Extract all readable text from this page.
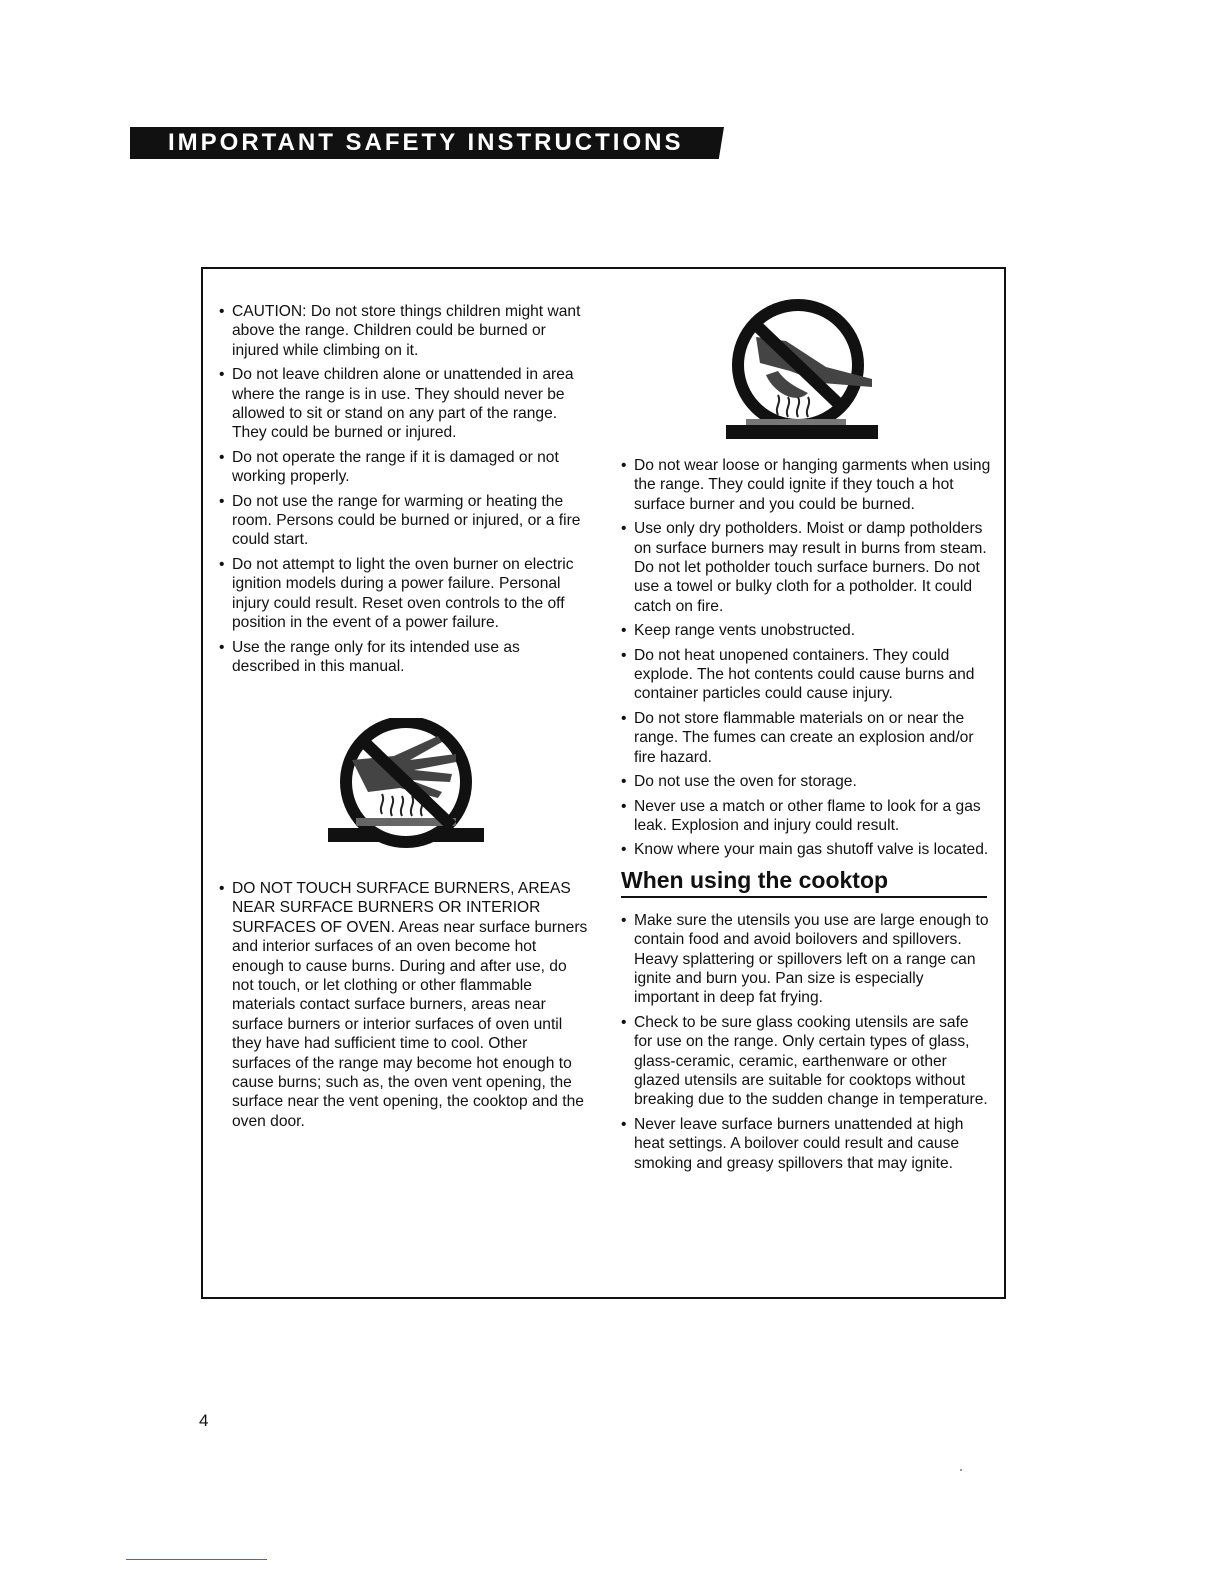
IMPORTANT SAFETY INSTRUCTIONS
• CAUTION: Do not store things children might want above the range. Children could be burned or injured while climbing on it.
• Do not leave children alone or unattended in area where the range is in use. They should never be allowed to sit or stand on any part of the range. They could be burned or injured.
• Do not operate the range if it is damaged or not working properly.
• Do not use the range for warming or heating the room. Persons could be burned or injured, or a fire could start.
• Do not attempt to light the oven burner on electric ignition models during a power failure. Personal injury could result. Reset oven controls to the off position in the event of a power failure.
• Use the range only for its intended use as described in this manual.
• DO NOT TOUCH SURFACE BURNERS, AREAS NEAR SURFACE BURNERS OR INTERIOR SURFACES OF OVEN. Areas near surface burners and interior surfaces of an oven become hot enough to cause burns. During and after use, do not touch, or let clothing or other flammable materials contact surface burners, areas near surface burners or interior surfaces of oven until they have had sufficient time to cool. Other surfaces of the range may become hot enough to cause burns; such as, the oven vent opening, the surface near the vent opening, the cooktop and the oven door.
• Do not wear loose or hanging garments when using the range. They could ignite if they touch a hot surface burner and you could be burned.
• Use only dry potholders. Moist or damp potholders on surface burners may result in burns from steam. Do not let potholder touch surface burners. Do not use a towel or bulky cloth for a potholder. It could catch on fire.
• Keep range vents unobstructed.
• Do not heat unopened containers. They could explode. The hot contents could cause burns and container particles could cause injury.
• Do not store flammable materials on or near the range. The fumes can create an explosion and/or fire hazard.
• Do not use the oven for storage.
• Never use a match or other flame to look for a gas leak. Explosion and injury could result.
• Know where your main gas shutoff valve is located.
When using the cooktop
• Make sure the utensils you use are large enough to contain food and avoid boilovers and spillovers. Heavy splattering or spillovers left on a range can ignite and burn you. Pan size is especially important in deep fat frying.
• Check to be sure glass cooking utensils are safe for use on the range. Only certain types of glass, glass-ceramic, ceramic, earthenware or other glazed utensils are suitable for cooktops without breaking due to the sudden change in temperature.
• Never leave surface burners unattended at high heat settings. A boilover could result and cause smoking and greasy spillovers that may ignite.
4
